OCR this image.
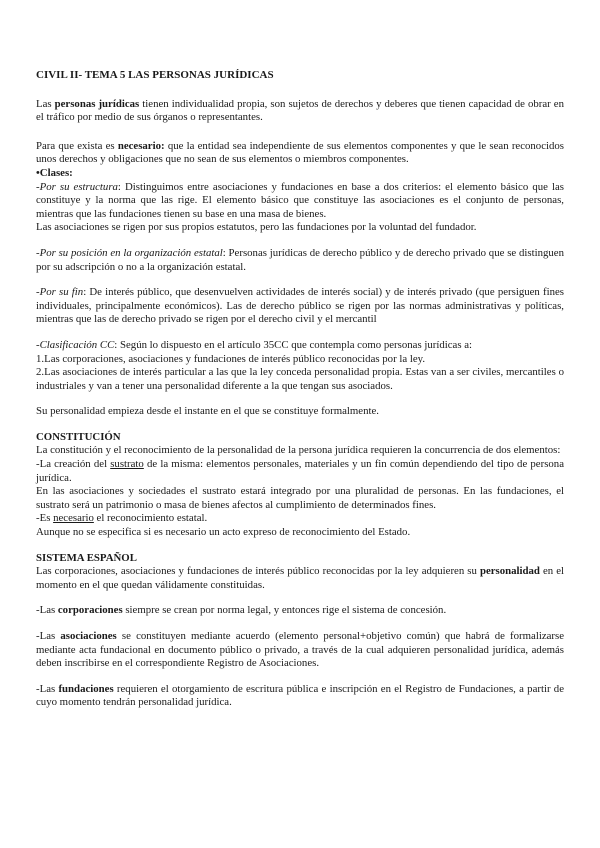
CIVIL II- TEMA 5 LAS PERSONAS JURÍDICAS

Las personas jurídicas tienen individualidad propia, son sujetos de derechos y deberes que tienen capacidad de obrar en el tráfico por medio de sus órganos o representantes.

Para que exista es necesario: que la entidad sea independiente de sus elementos componentes y que le sean reconocidos unos derechos y obligaciones que no sean de sus elementos o miembros componentes.

•Clases:

-Por su estructura: Distinguimos entre asociaciones y fundaciones en base a dos criterios: el elemento básico que las constituye y la norma que las rige. El elemento básico que constituye las asociaciones es el conjunto de personas, mientras que las fundaciones tienen su base en una masa de bienes.

Las asociaciones se rigen por sus propios estatutos, pero las fundaciones por la voluntad del fundador.

-Por su posición en la organización estatal: Personas jurídicas de derecho público y de derecho privado que se distinguen por su adscripción o no a la organización estatal.

-Por su fin: De interés público, que desenvuelven actividades de interés social) y de interés privado (que persiguen fines individuales, principalmente económicos). Las de derecho público se rigen por las normas administrativas y políticas, mientras que las de derecho privado se rigen por el derecho civil y el mercantil

-Clasificación CC: Según lo dispuesto en el artículo 35CC que contempla como personas jurídicas a:

1.Las corporaciones, asociaciones y fundaciones de interés público reconocidas por la ley.

2.Las asociaciones de interés particular a las que la ley conceda personalidad propia. Estas van a ser civiles, mercantiles o industriales y van a tener una personalidad diferente a la que tengan sus asociados.

Su personalidad empieza desde el instante en el que se constituye formalmente.

CONSTITUCIÓN

La constitución y el reconocimiento de la personalidad de la persona jurídica requieren la concurrencia de dos elementos:

-La creación del sustrato de la misma: elementos personales, materiales y un fin común dependiendo del tipo de persona jurídica.

En las asociaciones y sociedades el sustrato estará integrado por una pluralidad de personas. En las fundaciones, el sustrato será un patrimonio o masa de bienes afectos al cumplimiento de determinados fines.

-Es necesario el reconocimiento estatal.

Aunque no se especifica si es necesario un acto expreso de reconocimiento del Estado.

SISTEMA ESPAÑOL

Las corporaciones, asociaciones y fundaciones de interés público reconocidas por la ley adquieren su personalidad en el momento en el que quedan válidamente constituidas.

-Las corporaciones siempre se crean por norma legal, y entonces rige el sistema de concesión.

-Las asociaciones se constituyen mediante acuerdo (elemento personal+objetivo común) que habrá de formalizarse mediante acta fundacional en documento público o privado, a través de la cual adquieren personalidad jurídica, además deben inscribirse en el correspondiente Registro de Asociaciones.

-Las fundaciones requieren el otorgamiento de escritura pública e inscripción en el Registro de Fundaciones, a partir de cuyo momento tendrán personalidad jurídica.
